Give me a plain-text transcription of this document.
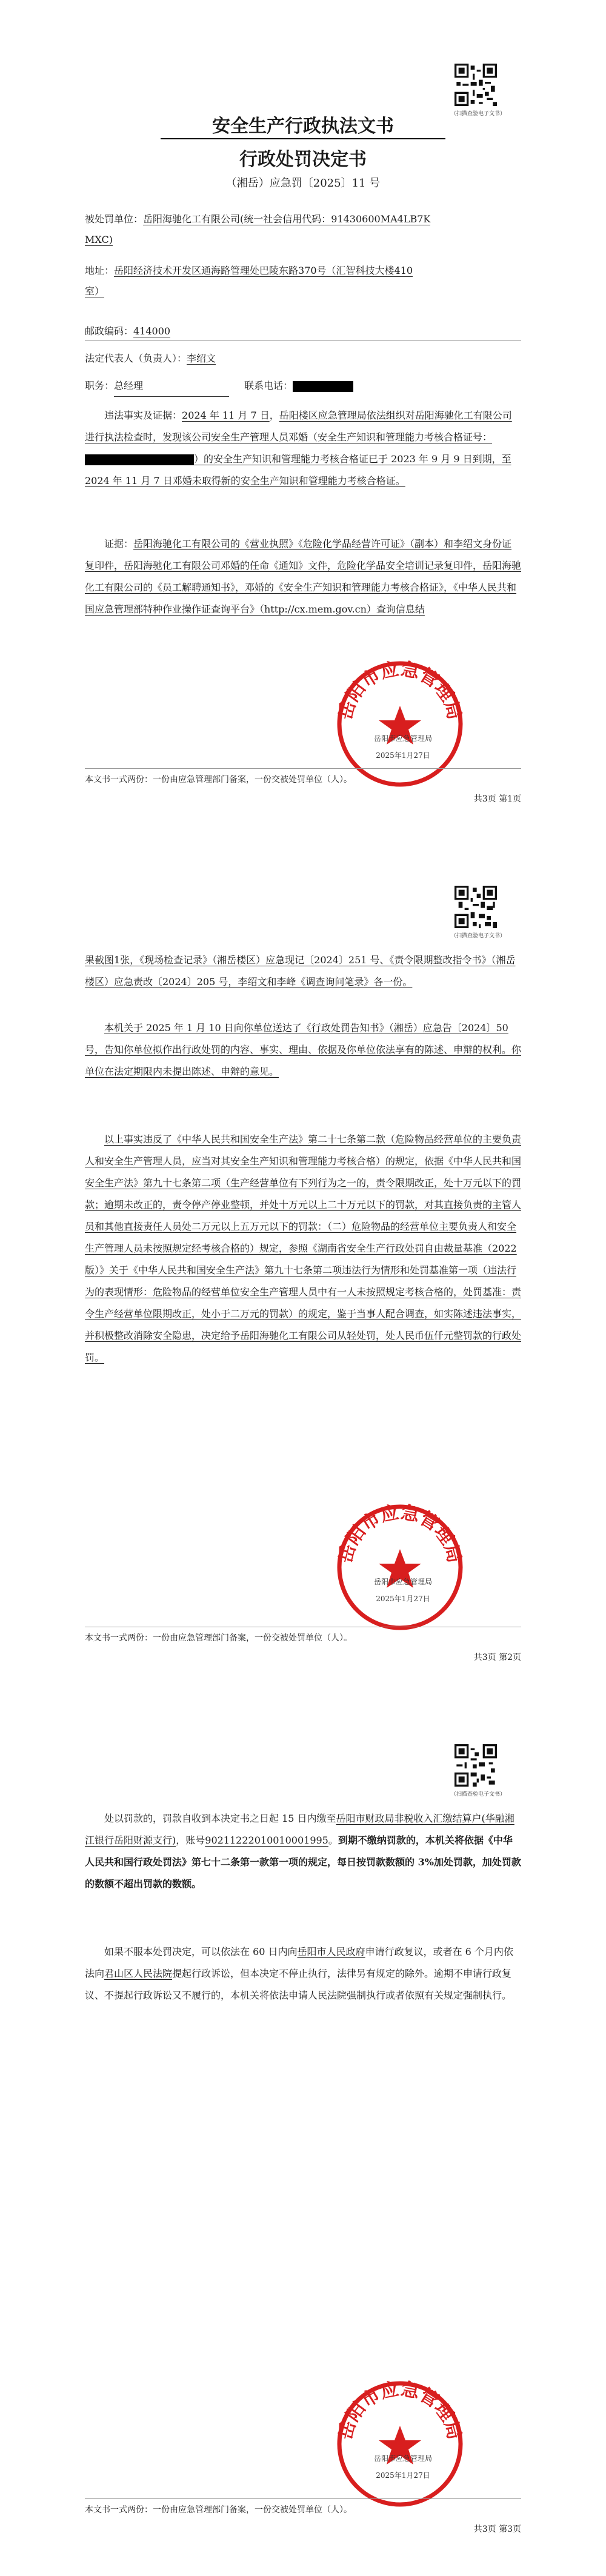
（扫描查验电子文书）
安全生产行政执法文书
行政处罚决定书
（湘岳）应急罚〔2025〕11 号
被处罚单位：岳阳海驰化工有限公司(统一社会信用代码：91430600MA4LB7K
MXC)
地址：岳阳经济技术开发区通海路管理处巴陵东路370号（汇智科技大楼410
室）
邮政编码：414000
法定代表人（负责人）：李绍文
职务：总经理	联系电话：
违法事实及证据：2024 年 11 月 7 日，岳阳楼区应急管理局依法组织对岳阳海驰化工有限公司进行执法检查时，发现该公司安全生产管理人员邓婚（安全生产知识和管理能力考核合格证号：）的安全生产知识和管理能力考核合格证已于 2023 年 9 月 9 日到期，至 2024 年 11 月 7 日邓婚未取得新的安全生产知识和管理能力考核合格证。
证据：岳阳海驰化工有限公司的《营业执照》《危险化学品经营许可证》（副本）和李绍文身份证复印件，岳阳海驰化工有限公司邓婚的任命《通知》文件，危险化学品安全培训记录复印件，岳阳海驰化工有限公司的《员工解聘通知书》，邓婚的《安全生产知识和管理能力考核合格证》，《中华人民共和国应急管理部特种作业操作证查询平台》（http://cx.mem.gov.cn）查询信息结
岳阳市应急管理局
岳阳市应急管理局
2025年1月27日
本文书一式两份：一份由应急管理部门备案，一份交被处罚单位（人）。
共3页 第1页
（扫描查验电子文书）
果截图1张，《现场检查记录》（湘岳楼区）应急现记〔2024〕251 号、《责令限期整改指令书》（湘岳楼区）应急责改〔2024〕205 号，李绍文和李峰《调查询问笔录》各一份。
本机关于 2025 年 1 月 10 日向你单位送达了《行政处罚告知书》（湘岳）应急告〔2024〕50 号，告知你单位拟作出行政处罚的内容、事实、理由、依据及你单位依法享有的陈述、申辩的权利。你单位在法定期限内未提出陈述、申辩的意见。
以上事实违反了《中华人民共和国安全生产法》第二十七条第二款（危险物品经营单位的主要负责人和安全生产管理人员，应当对其安全生产知识和管理能力考核合格）的规定，依据《中华人民共和国安全生产法》第九十七条第二项（生产经营单位有下列行为之一的，责令限期改正，处十万元以下的罚款；逾期未改正的，责令停产停业整顿，并处十万元以上二十万元以下的罚款，对其直接负责的主管人员和其他直接责任人员处二万元以上五万元以下的罚款：（二）危险物品的经营单位主要负责人和安全生产管理人员未按照规定经考核合格的）规定，参照《湖南省安全生产行政处罚自由裁量基准（2022 版）》关于《中华人民共和国安全生产法》第九十七条第二项违法行为情形和处罚基准第一项（违法行为的表现情形：危险物品的经营单位安全生产管理人员中有一人未按照规定考核合格的，处罚基准：责令生产经营单位限期改正，处小于二万元的罚款）的规定，鉴于当事人配合调查，如实陈述违法事实，并积极整改消除安全隐患，决定给予岳阳海驰化工有限公司从轻处罚，处人民币伍仟元整罚款的行政处罚。
岳阳市应急管理局
岳阳市应急管理局
2025年1月27日
本文书一式两份：一份由应急管理部门备案，一份交被处罚单位（人）。
共3页 第2页
（扫描查验电子文书）
处以罚款的，罚款自收到本决定书之日起 15 日内缴至岳阳市财政局非税收入汇缴结算户(华融湘江银行岳阳财源支行)，账号90211222010010001995。到期不缴纳罚款的，本机关将依据《中华人民共和国行政处罚法》第七十二条第一款第一项的规定，每日按罚款数额的 3%加处罚款，加处罚款的数额不超出罚款的数额。
如果不服本处罚决定，可以依法在 60 日内向岳阳市人民政府申请行政复议，或者在 6 个月内依法向君山区人民法院提起行政诉讼，但本决定不停止执行，法律另有规定的除外。逾期不申请行政复议、不提起行政诉讼又不履行的，本机关将依法申请人民法院强制执行或者依照有关规定强制执行。
岳阳市应急管理局
岳阳市应急管理局
2025年1月27日
本文书一式两份：一份由应急管理部门备案，一份交被处罚单位（人）。
共3页 第3页
